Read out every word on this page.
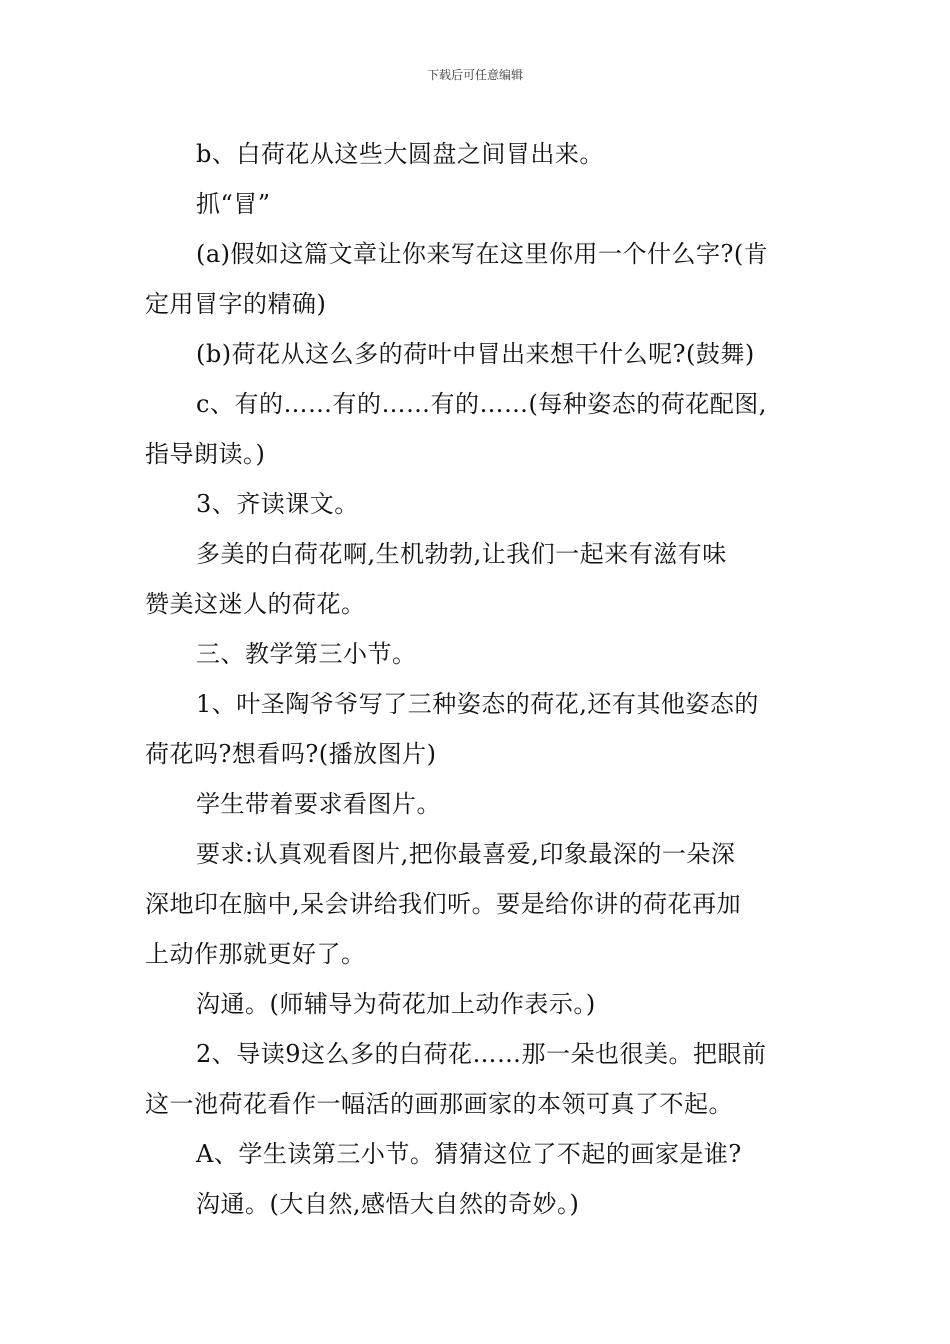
下载后可任意编辑
b、白荷花从这些大圆盘之间冒出来。
抓“冒”
(a)假如这篇文章让你来写在这里你用一个什么字?(肯
定用冒字的精确)
(b)荷花从这么多的荷叶中冒出来想干什么呢?(鼓舞)
c、有的……有的……有的……(每种姿态的荷花配图,
指导朗读。)
3、齐读课文。
多美的白荷花啊,生机勃勃,让我们一起来有滋有味
赞美这迷人的荷花。
三、教学第三小节。
1、叶圣陶爷爷写了三种姿态的荷花,还有其他姿态的
荷花吗?想看吗?(播放图片)
学生带着要求看图片。
要求:认真观看图片,把你最喜爱,印象最深的一朵深
深地印在脑中,呆会讲给我们听。要是给你讲的荷花再加
上动作那就更好了。
沟通。(师辅导为荷花加上动作表示。)
2、导读9这么多的白荷花……那一朵也很美。把眼前
这一池荷花看作一幅活的画那画家的本领可真了不起。
A、学生读第三小节。猜猜这位了不起的画家是谁?
沟通。(大自然,感悟大自然的奇妙。)
